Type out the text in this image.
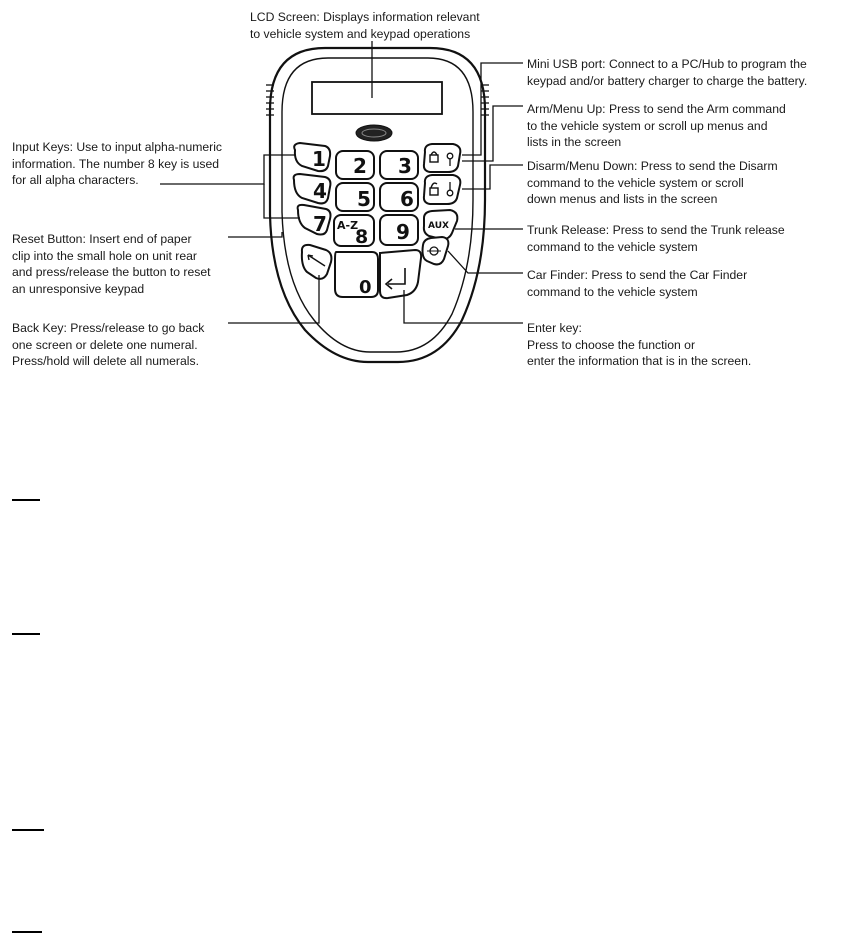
LCD Screen: Displays information relevant
to vehicle system and keypad operations
Mini USB port: Connect to a PC/Hub to program the
keypad and/or battery charger to charge the battery.
Arm/Menu Up: Press to send the Arm command
to the vehicle system or scroll up menus and
lists in the screen
Disarm/Menu Down: Press to send the Disarm
command to the vehicle system or scroll
down menus and lists in the screen
Trunk Release: Press to send the Trunk release
command to the vehicle system
Car Finder: Press to send the Car Finder
command to the vehicle system
Enter key:
Press to choose the function or
enter the information that is in the screen.
Input Keys: Use to input alpha-numeric
information. The number 8 key is used
for all alpha characters.
Reset Button: Insert end of paper
clip into the small hole on unit rear
and press/release the button to reset
an unresponsive keypad
Back Key: Press/release to go back
one screen or delete one numeral.
Press/hold will delete all numerals.
1 2 3
4 5 6
7 A-Z
8 9 AUX
0
